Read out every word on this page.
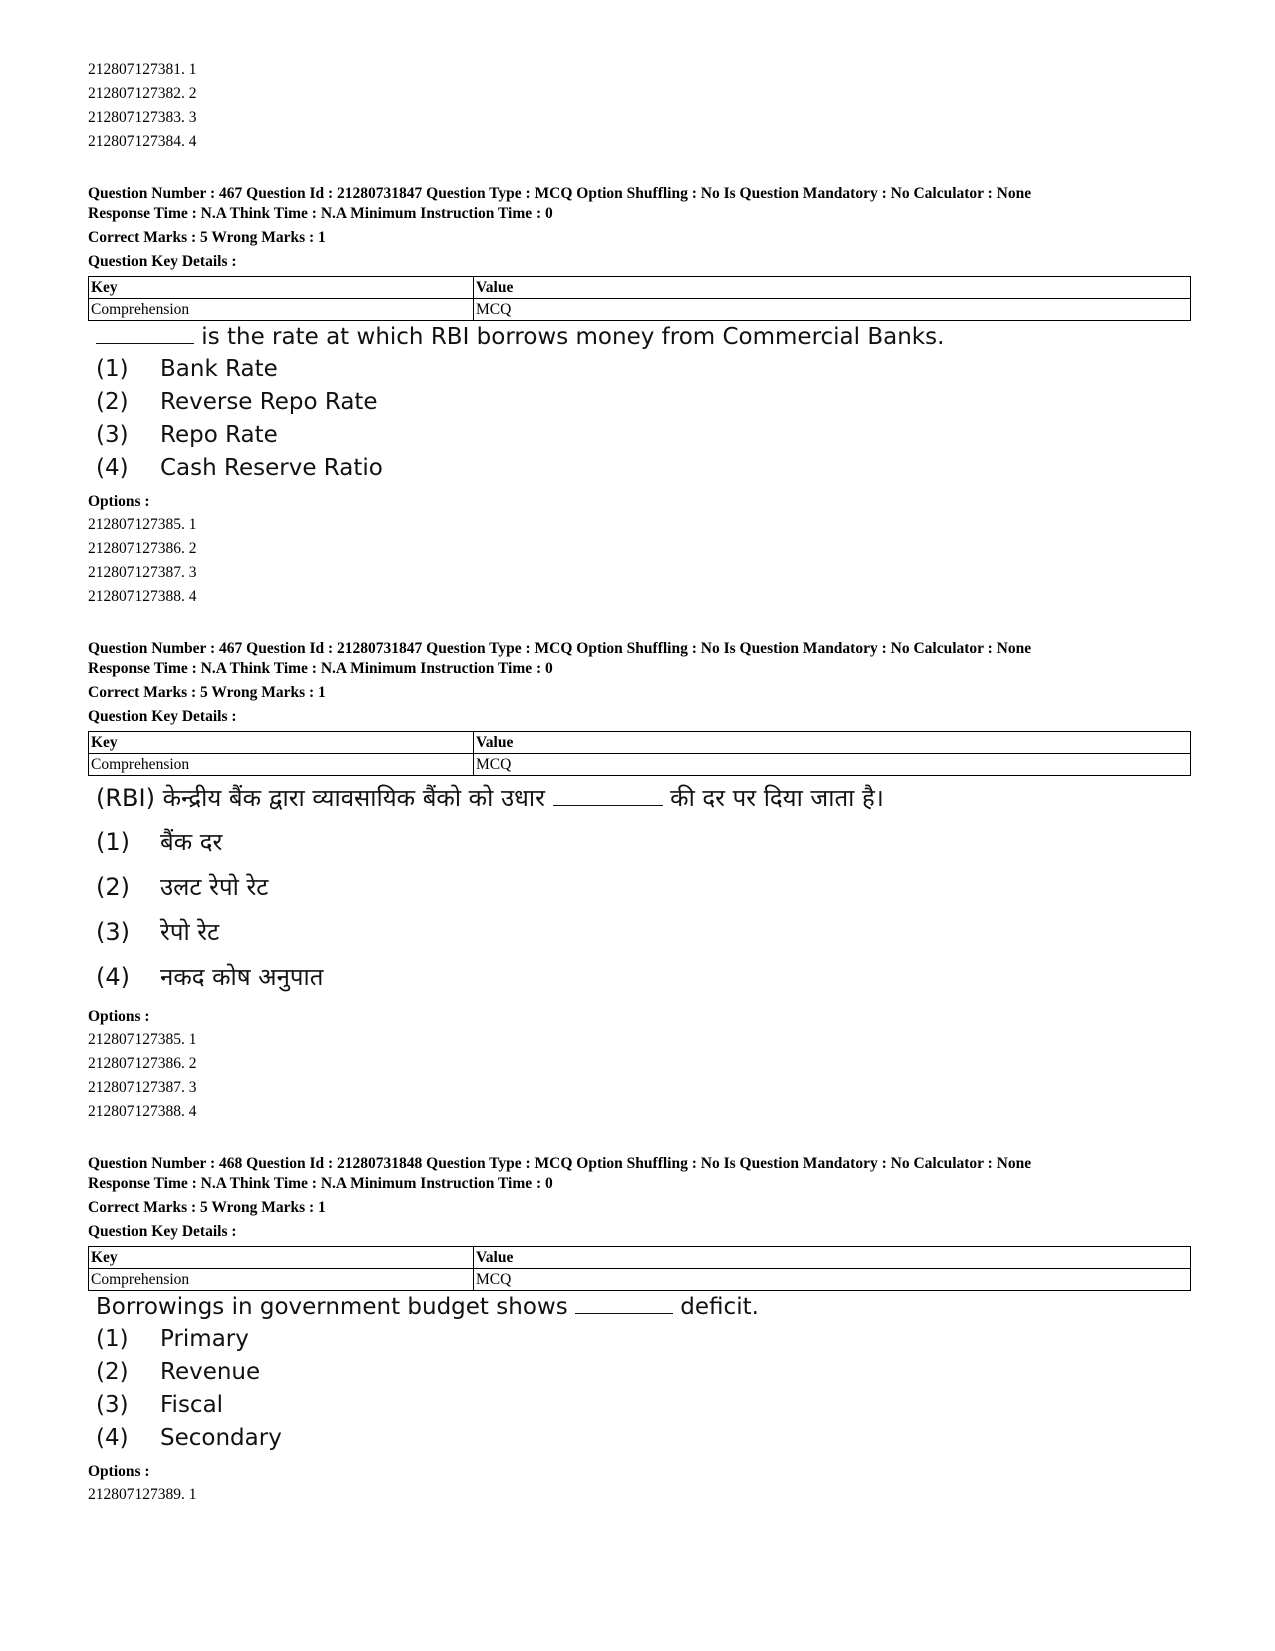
212807127381. 1
212807127382. 2
212807127383. 3
212807127384. 4
Question Number : 467 Question Id : 21280731847 Question Type : MCQ Option Shuffling : No Is Question Mandatory : No Calculator : None
Response Time : N.A Think Time : N.A Minimum Instruction Time : 0
Correct Marks : 5 Wrong Marks : 1
Question Key Details :
Key	Value
Comprehension	MCQ
is the rate at which RBI borrows money from Commercial Banks.
(1) Bank Rate
(2) Reverse Repo Rate
(3) Repo Rate
(4) Cash Reserve Ratio
Options :
212807127385. 1
212807127386. 2
212807127387. 3
212807127388. 4
Question Number : 467 Question Id : 21280731847 Question Type : MCQ Option Shuffling : No Is Question Mandatory : No Calculator : None
Response Time : N.A Think Time : N.A Minimum Instruction Time : 0
Correct Marks : 5 Wrong Marks : 1
Question Key Details :
Key	Value
Comprehension	MCQ
(RBI) केन्द्रीय बैंक द्वारा व्यावसायिक बैंको को उधार	की दर पर दिया जाता है।
(1) बैंक दर
(2) उलट रेपो रेट
(3) रेपो रेट
(4) नकद कोष अनुपात
Options :
212807127385. 1
212807127386. 2
212807127387. 3
212807127388. 4
Question Number : 468 Question Id : 21280731848 Question Type : MCQ Option Shuffling : No Is Question Mandatory : No Calculator : None
Response Time : N.A Think Time : N.A Minimum Instruction Time : 0
Correct Marks : 5 Wrong Marks : 1
Question Key Details :
Key	Value
Comprehension	MCQ
Borrowings in government budget shows	deficit.
(1) Primary
(2) Revenue
(3) Fiscal
(4) Secondary
Options :
212807127389. 1
